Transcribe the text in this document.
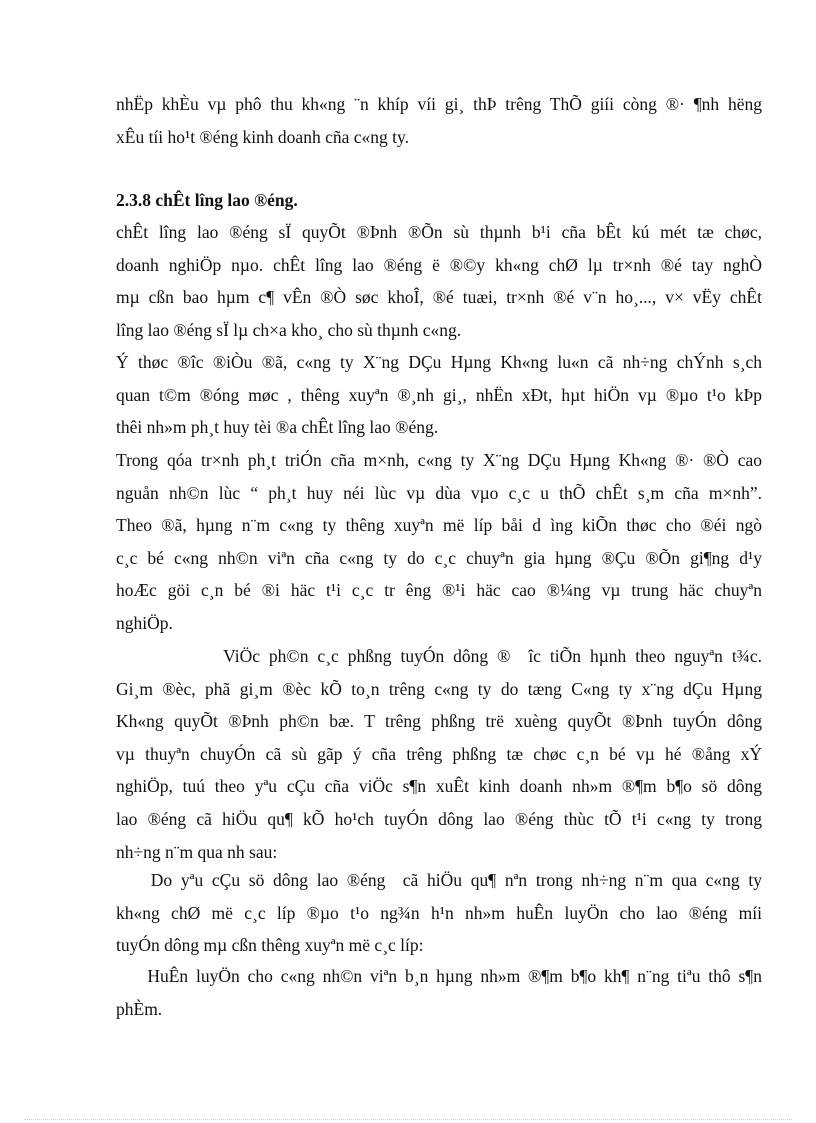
nhËp khÈu vµ phô thu kh«ng ¨n khíp víi gi¸ thÞ trêng ThÕ giíi còng ®· ¶nh hëng
xÊu tíi ho¹t ®éng kinh doanh cña c«ng ty.

2.3.8 chÊt lîng lao ®éng.

chÊt lîng lao ®éng sÏ quyÕt ®Þnh ®Õn sù thµnh b¹i cña bÊt kú mét tæ chøc,
doanh nghiÖp nµo. chÊt lîng lao ®éng ë ®©y kh«ng chØ lµ tr×nh ®é tay nghÒ
mµ cßn bao hµm c¶ vÊn ®Ò søc khoÎ, ®é tuæi, tr×nh ®é v¨n ho¸..., v× vËy chÊt
lîng lao ®éng sÏ lµ ch×a kho¸ cho sù thµnh c«ng.

Ý thøc ®îc ®iÒu ®ã, c«ng ty X¨ng DÇu Hµng Kh«ng lu«n cã nh÷ng chÝnh s¸ch
quan t©m ®óng møc , thêng xuyªn ®¸nh gi¸, nhËn xÐt, hµt hiÖn vµ ®µo t¹o kÞp
thêi nh»m ph¸t huy tèi ®a chÊt lîng lao ®éng.

Trong qóa tr×nh ph¸t triÓn cña m×nh, c«ng ty X¨ng DÇu Hµng Kh«ng ®· ®Ò cao
nguån nh©n lùc “ ph¸t huy néi lùc vµ dùa vµo c¸c u thÕ chÊt s¸m cña m×nh”.
Theo ®ã, hµng n¨m c«ng ty thêng xuyªn më líp båi d ìng kiÕn thøc cho ®éi ngò
c¸c bé c«ng nh©n viªn cña c«ng ty do c¸c chuyªn gia hµng ®Çu ®Õn gi¶ng d¹y
hoÆc göi c¸n bé ®i häc t¹i c¸c tr êng ®¹i häc cao ®¼ng vµ trung häc chuyªn
nghiÖp.

ViÖc ph©n c¸c phßng tuyÓn dông ®  îc tiÕn hµnh theo nguyªn t¾c.
Gi¸m ®èc, phã gi¸m ®èc kÕ to¸n trêng c«ng ty do tæng C«ng ty x¨ng dÇu Hµng
Kh«ng quyÕt ®Þnh ph©n bæ. T trêng phßng trë xuèng quyÕt ®Þnh tuyÓn dông
vµ thuyªn chuyÓn cã sù gãp ý cña trêng phßng tæ chøc c¸n bé vµ hé ®ång xÝ
nghiÖp, tuú theo yªu cÇu cña viÖc s¶n xuÊt kinh doanh nh»m ®¶m b¶o sö dông
lao ®éng cã hiÖu qu¶ kÕ ho¹ch tuyÓn dông lao ®éng thùc tÕ t¹i c«ng ty trong
nh÷ng n¨m qua nh sau:

Do yªu cÇu sö dông lao ®éng  cã hiÖu qu¶ nªn trong nh÷ng n¨m qua c«ng ty
kh«ng chØ më c¸c líp ®µo t¹o ng¾n h¹n nh»m huÊn luyÖn cho lao ®éng míi
tuyÓn dông mµ cßn thêng xuyªn më c¸c líp:

HuÊn luyÖn cho c«ng nh©n viªn b¸n hµng nh»m ®¶m b¶o kh¶ n¨ng tiªu thô s¶n
phÈm.
